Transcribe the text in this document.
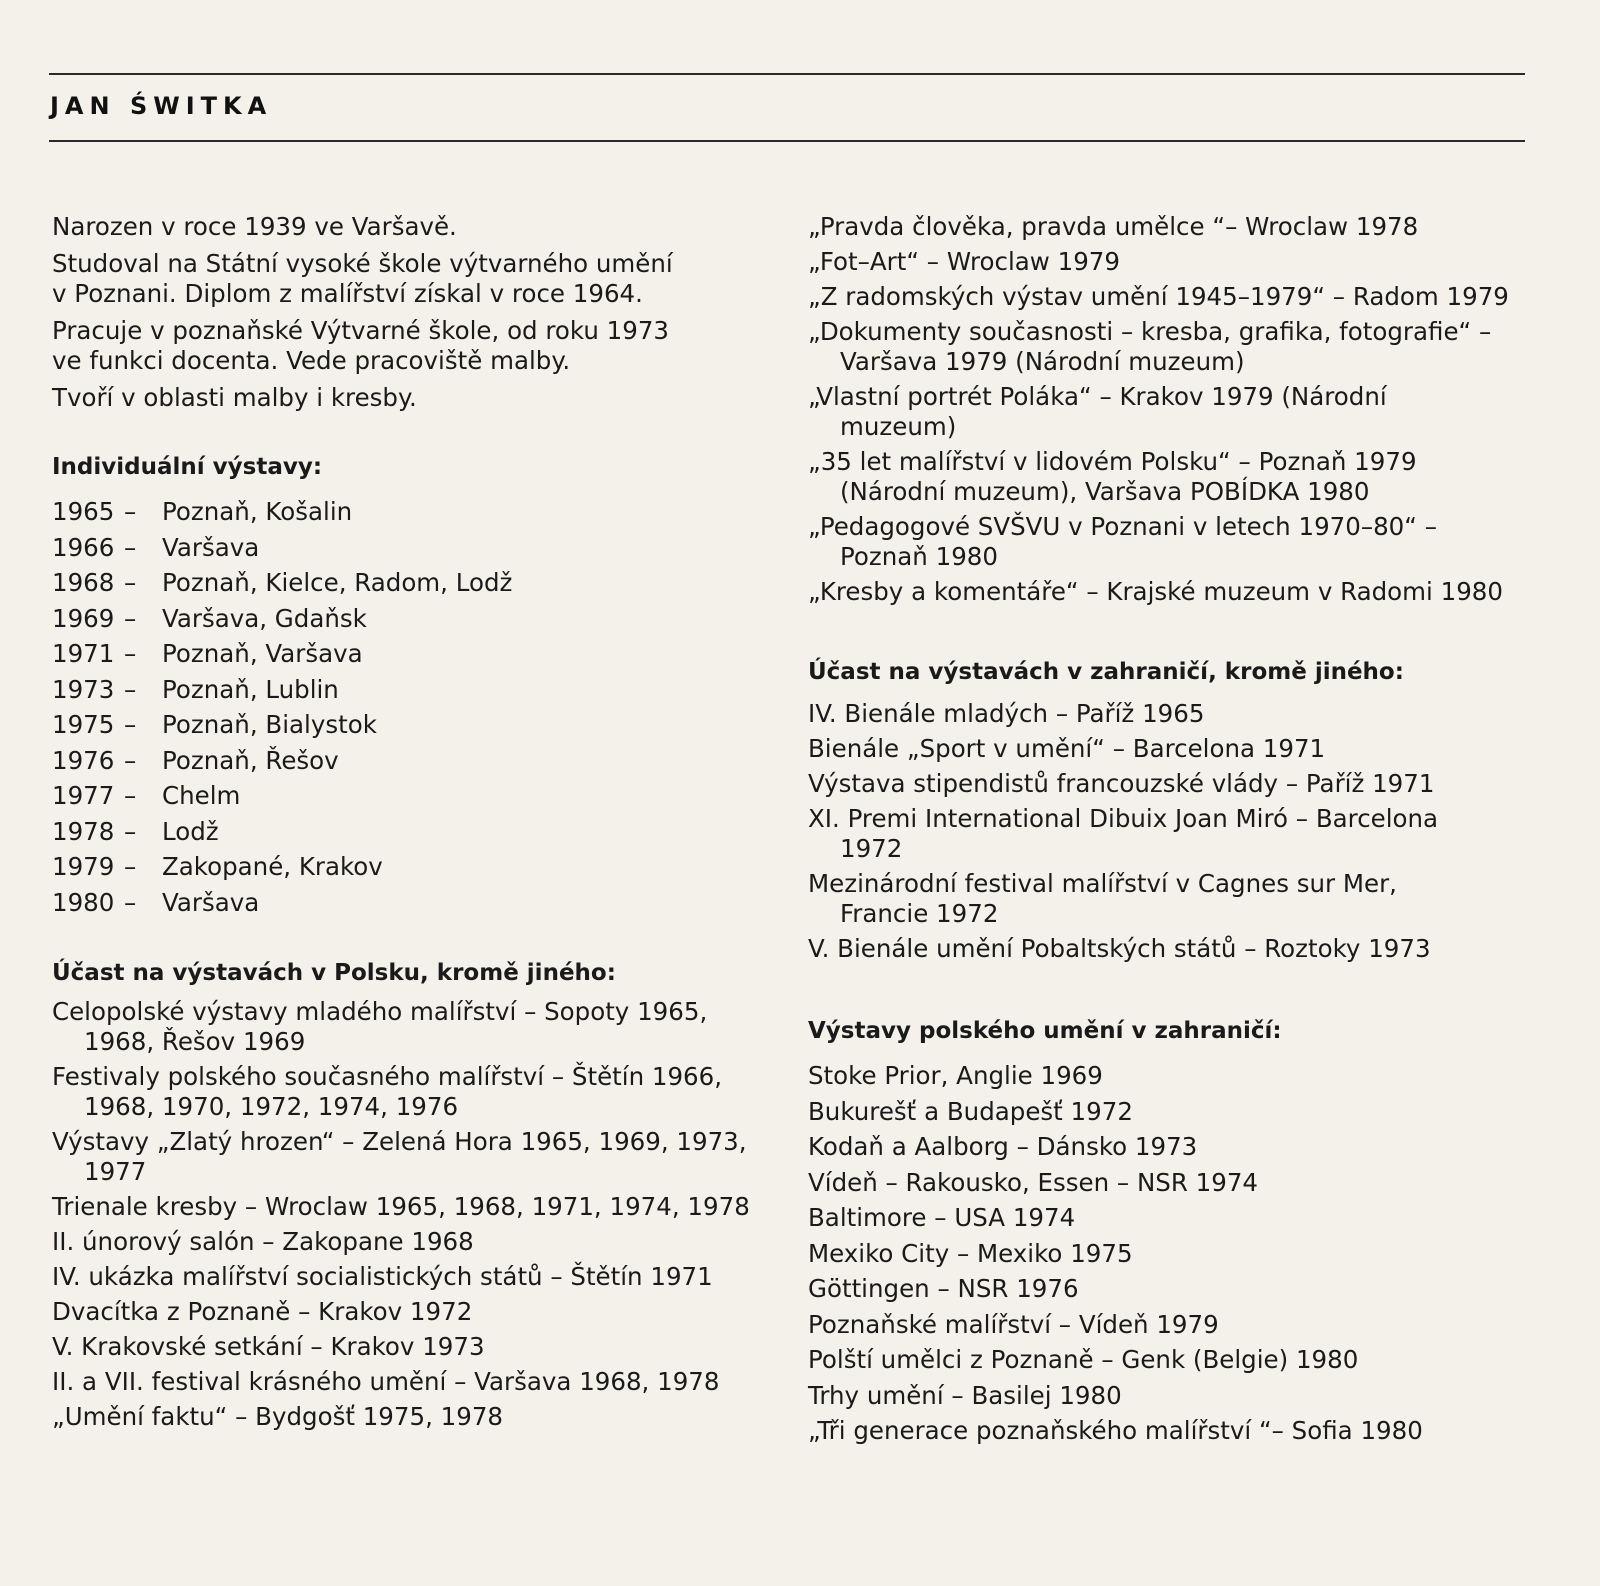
JAN ŚWITKA

Narozen v roce 1939 ve Varšavě.

Studoval na Státní vysoké škole výtvarného umění
v Poznani. Diplom z malířství získal v roce 1964.

Pracuje v poznaňské Výtvarné škole, od roku 1973
ve funkci docenta. Vede pracoviště malby.

Tvoří v oblasti malby i kresby.

Individuální výstavy:

1965 –	Poznaň, Košalin
1966 –	Varšava
1968 –	Poznaň, Kielce, Radom, Lodž
1969 –	Varšava, Gdaňsk
1971 –	Poznaň, Varšava
1973 –	Poznaň, Lublin
1975 –	Poznaň, Bialystok
1976 –	Poznaň, Řešov
1977 –	Chelm
1978 –	Lodž
1979 –	Zakopané, Krakov
1980 –	Varšava

Účast na výstavách v Polsku, kromě jiného:

Celopolské výstavy mladého malířství – Sopoty 1965,
1968, Řešov 1969

Festivaly polského současného malířství – Štětín 1966,
1968, 1970, 1972, 1974, 1976

Výstavy „Zlatý hrozen“ – Zelená Hora 1965, 1969, 1973,
1977

Trienale kresby – Wroclaw 1965, 1968, 1971, 1974, 1978

II. únorový salón – Zakopane 1968

IV. ukázka malířství socialistických států – Štětín 1971

Dvacítka z Poznaně – Krakov 1972

V. Krakovské setkání – Krakov 1973

II. a VII. festival krásného umění – Varšava 1968, 1978

„Umění faktu“ – Bydgošť 1975, 1978

„Pravda člověka, pravda umělce “– Wroclaw 1978

„Fot–Art“ – Wroclaw 1979

„Z radomských výstav umění 1945–1979“ – Radom 1979

„Dokumenty současnosti – kresba, grafika, fotografie“ –
Varšava 1979 (Národní muzeum)

„Vlastní portrét Poláka“ – Krakov 1979 (Národní
muzeum)

„35 let malířství v lidovém Polsku“ – Poznaň 1979
(Národní muzeum), Varšava POBÍDKA 1980

„Pedagogové SVŠVU v Poznani v letech 1970–80“ –
Poznaň 1980

„Kresby a komentáře“ – Krajské muzeum v Radomi 1980

Účast na výstavách v zahraničí, kromě jiného:

IV. Bienále mladých – Paříž 1965

Bienále „Sport v umění“ – Barcelona 1971

Výstava stipendistů francouzské vlády – Paříž 1971

XI. Premi International Dibuix Joan Miró – Barcelona
1972

Mezinárodní festival malířství v Cagnes sur Mer,
Francie 1972

V. Bienále umění Pobaltských států – Roztoky 1973

Výstavy polského umění v zahraničí:

Stoke Prior, Anglie 1969
Bukurešť a Budapešť 1972
Kodaň a Aalborg – Dánsko 1973
Vídeň – Rakousko, Essen – NSR 1974
Baltimore – USA 1974
Mexiko City – Mexiko 1975
Göttingen – NSR 1976
Poznaňské malířství – Vídeň 1979
Polští umělci z Poznaně – Genk (Belgie) 1980
Trhy umění – Basilej 1980
„Tři generace poznaňského malířství “– Sofia 1980
